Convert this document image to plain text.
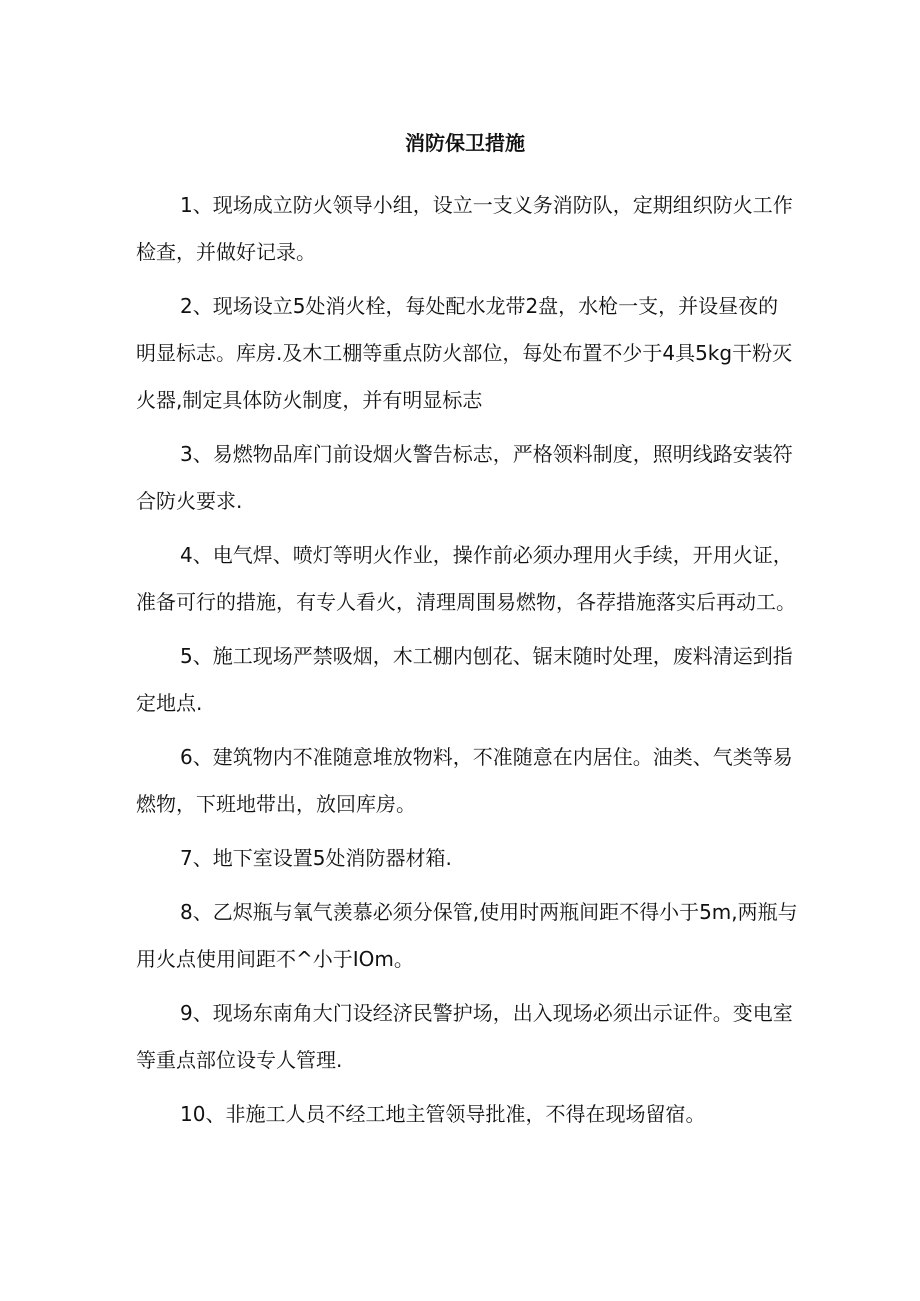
消防保卫措施

1、现场成立防火领导小组，设立一支义务消防队，定期组织防火工作检查，并做好记录。

2、现场设立5处消火栓，每处配水龙带2盘，水枪一支，并设昼夜的明显标志。库房.及木工棚等重点防火部位，每处布置不少于4具5kg干粉灭火器,制定具体防火制度，并有明显标志

3、易燃物品库门前设烟火警告标志，严格领料制度，照明线路安装符合防火要求.

4、电气焊、喷灯等明火作业，操作前必须办理用火手续，开用火证，准备可行的措施，有专人看火，清理周围易燃物，各荐措施落实后再动工。

5、施工现场严禁吸烟，木工棚内刨花、锯末随时处理，废料清运到指定地点.

6、建筑物内不准随意堆放物料，不准随意在内居住。油类、气类等易燃物，下班地带出，放回库房。

7、地下室设置5处消防器材箱.

8、乙烬瓶与氧气羡慕必须分保管,使用时两瓶间距不得小于5m,两瓶与用火点使用间距不^小于IOm。

9、现场东南角大门设经济民警护场，出入现场必须出示证件。变电室等重点部位设专人管理.

10、非施工人员不经工地主管领导批准，不得在现场留宿。
